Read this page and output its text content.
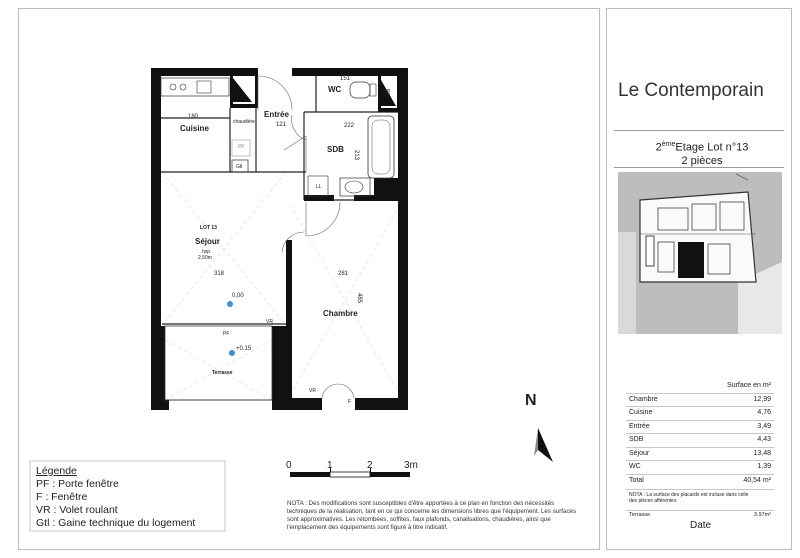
Le Contemporain
2èmeEtage Lot n°13
2 pièces
Surface en m²
Chambre	12,99
Cuisine	4,76
Entrée	3,49
SDB	4,43
Séjour	13,48
WC	1,39
Total	40,54 m²
NOTA : La surface des placards est incluse dans celle des pièces afférentes
Terrasse	3,97m²
Date
Cuisine
180
chaudière
Entrée
121
WC
151
92
222
SDB
213
LL
PF
Gtl
LOT 13
Séjour
hsp
2,50m
318
0,00
281
485
Chambre
PF
VR
+0.15
Terrasse
VR
F	N
0	1	2	3m
Légende
PF : Porte fenêtre
F : Fenêtre
VR : Volet roulant
Gtl : Gaine technique du logement
NOTA : Des modifications sont susceptibles d'être apportées à ce plan en fonction des nécessités techniques de la réalisation, tant en ce qui concerne les dimensions libres que l'équipement. Les surfaces sont approximatives. Les retombées, soffites, faux plafonds, canalisations, chaudières, ainsi que l'emplacement des équipements sont figuré à titre indicatif.
